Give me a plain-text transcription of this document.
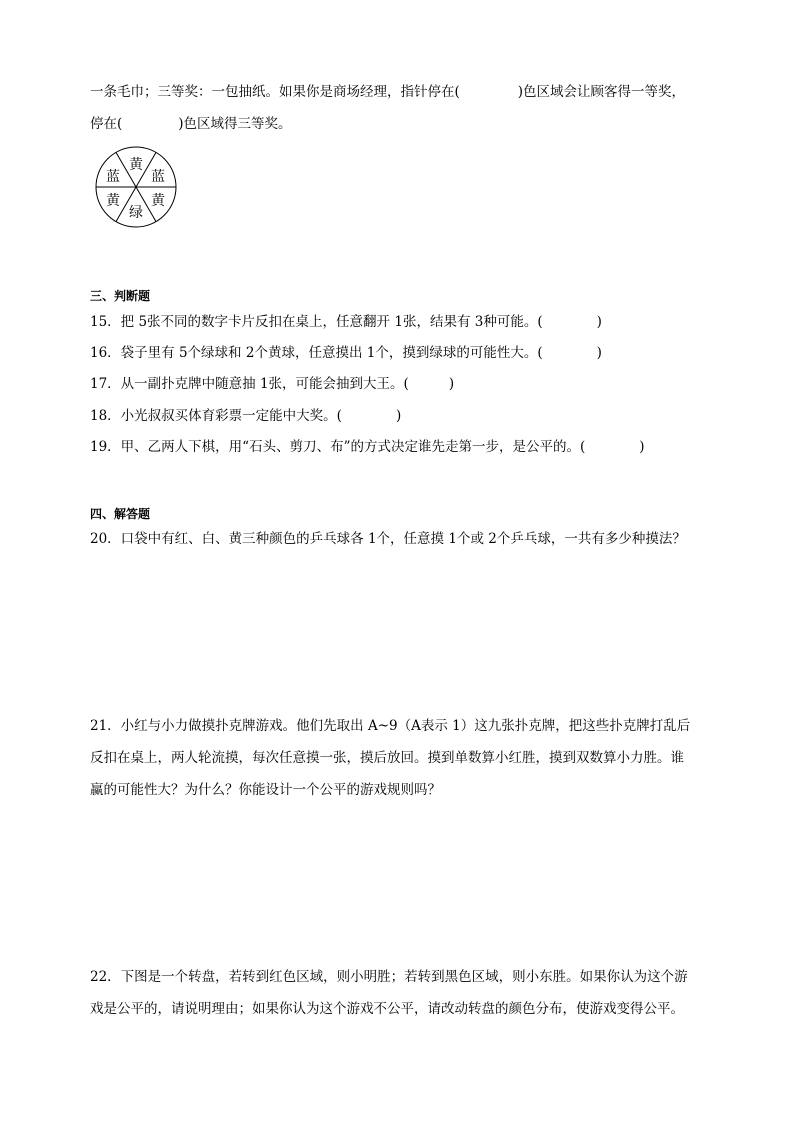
一条毛巾；三等奖：一包抽纸。如果你是商场经理，指针停在(	)色区域会让顾客得一等奖，
停在(	)色区域得三等奖。
黄
蓝
黄
绿
黄
蓝
三、判断题
15．把 5张不同的数字卡片反扣在桌上，任意翻开 1张，结果有 3种可能。(	)
16．袋子里有 5个绿球和 2个黄球，任意摸出 1个，摸到绿球的可能性大。(	)
17．从一副扑克牌中随意抽 1张，可能会抽到大王。(	)
18．小光叔叔买体育彩票一定能中大奖。(	)
19．甲、乙两人下棋，用“石头、剪刀、布”的方式决定谁先走第一步，是公平的。(	)
四、解答题
20．口袋中有红、白、黄三种颜色的乒乓球各 1个，任意摸 1个或 2个乒乓球，一共有多少种摸法？
21．小红与小力做摸扑克牌游戏。他们先取出 A~9（A表示 1）这九张扑克牌，把这些扑克牌打乱后
反扣在桌上，两人轮流摸，每次任意摸一张，摸后放回。摸到单数算小红胜，摸到双数算小力胜。谁
赢的可能性大？为什么？你能设计一个公平的游戏规则吗？
22．下图是一个转盘，若转到红色区域，则小明胜；若转到黑色区域，则小东胜。如果你认为这个游
戏是公平的，请说明理由；如果你认为这个游戏不公平，请改动转盘的颜色分布，使游戏变得公平。
